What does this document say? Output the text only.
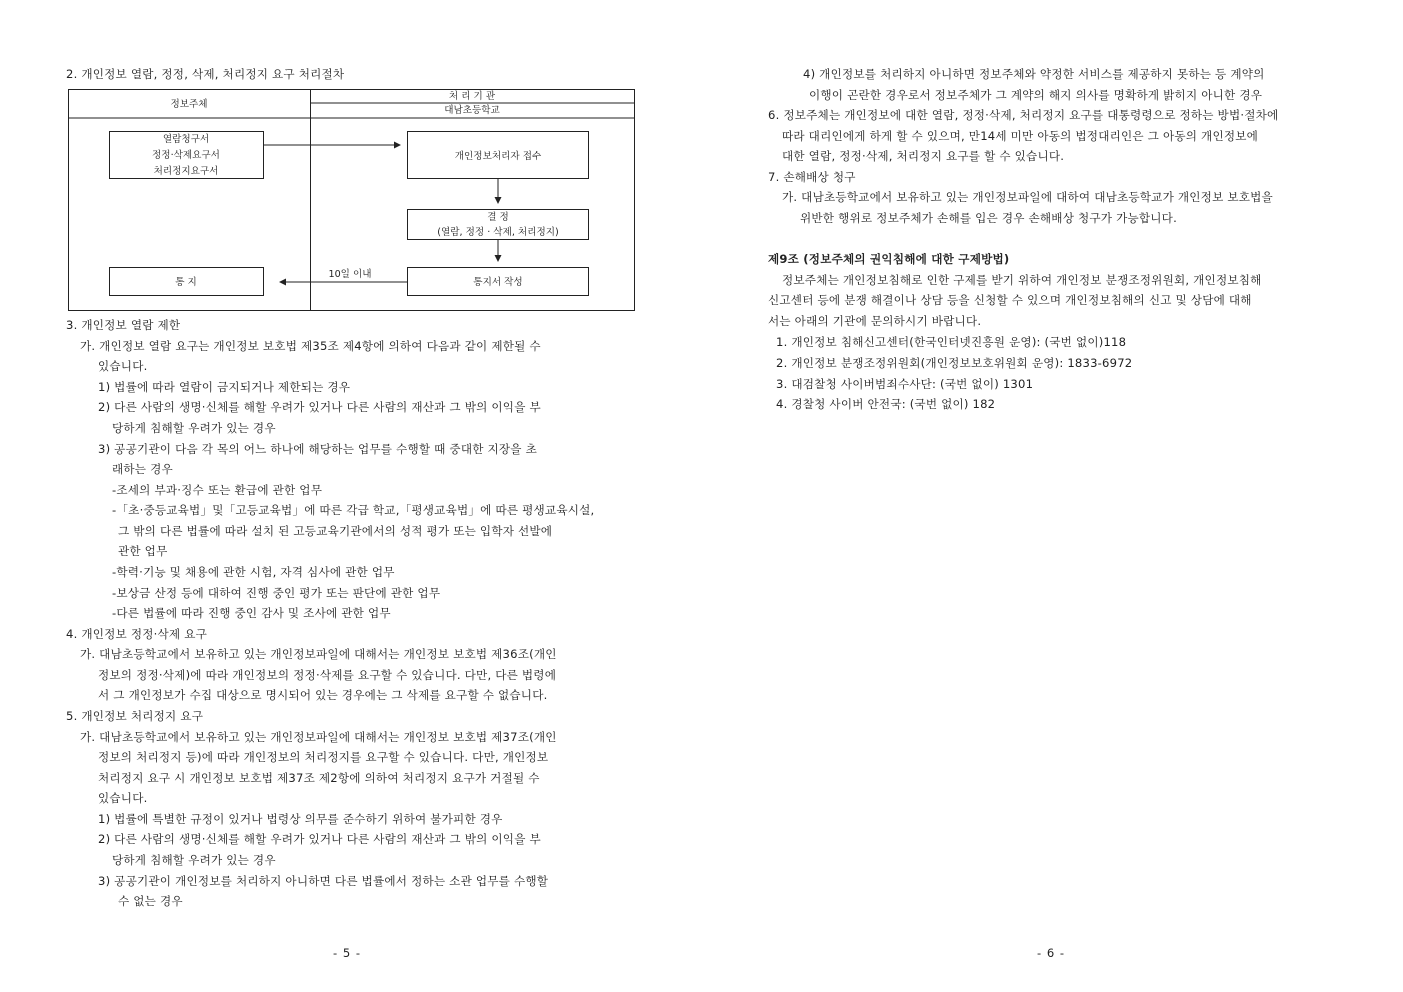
2. 개인정보 열람, 정정, 삭제, 처리정지 요구 처리절차
정보주체
처 리 기 관
대남초등학교
열람청구서
정정·삭제요구서
처리정지요구서
개인정보처리자 접수
결 정
(열람, 정정 · 삭제, 처리정지)
통지서 작성
통 지
10일 이내
3. 개인정보 열람 제한
가. 개인정보 열람 요구는 개인정보 보호법 제35조 제4항에 의하여 다음과 같이 제한될 수
있습니다.
1) 법률에 따라 열람이 금지되거나 제한되는 경우
2) 다른 사람의 생명·신체를 해할 우려가 있거나 다른 사람의 재산과 그 밖의 이익을 부
당하게 침해할 우려가 있는 경우
3) 공공기관이 다음 각 목의 어느 하나에 해당하는 업무를 수행할 때 중대한 지장을 초
래하는 경우
-조세의 부과·징수 또는 환급에 관한 업무
-「초·중등교육법」및「고등교육법」에 따른 각급 학교,「평생교육법」에 따른 평생교육시설,
그 밖의 다른 법률에 따라 설치 된 고등교육기관에서의 성적 평가 또는 입학자 선발에
관한 업무
-학력·기능 및 채용에 관한 시험, 자격 심사에 관한 업무
-보상금 산정 등에 대하여 진행 중인 평가 또는 판단에 관한 업무
-다른 법률에 따라 진행 중인 감사 및 조사에 관한 업무
4. 개인정보 정정·삭제 요구
가. 대남초등학교에서 보유하고 있는 개인정보파일에 대해서는 개인정보 보호법 제36조(개인
정보의 정정·삭제)에 따라 개인정보의 정정·삭제를 요구할 수 있습니다. 다만, 다른 법령에
서 그 개인정보가 수집 대상으로 명시되어 있는 경우에는 그 삭제를 요구할 수 없습니다.
5. 개인정보 처리정지 요구
가. 대남초등학교에서 보유하고 있는 개인정보파일에 대해서는 개인정보 보호법 제37조(개인
정보의 처리정지 등)에 따라 개인정보의 처리정지를 요구할 수 있습니다. 다만, 개인정보
처리정지 요구 시 개인정보 보호법 제37조 제2항에 의하여 처리정지 요구가 거절될 수
있습니다.
1) 법률에 특별한 규정이 있거나 법령상 의무를 준수하기 위하여 불가피한 경우
2) 다른 사람의 생명·신체를 해할 우려가 있거나 다른 사람의 재산과 그 밖의 이익을 부
당하게 침해할 우려가 있는 경우
3) 공공기관이 개인정보를 처리하지 아니하면 다른 법률에서 정하는 소관 업무를 수행할
수 없는 경우
- 5 -
4) 개인정보를 처리하지 아니하면 정보주체와 약정한 서비스를 제공하지 못하는 등 계약의
이행이 곤란한 경우로서 정보주체가 그 계약의 해지 의사를 명확하게 밝히지 아니한 경우
6. 정보주체는 개인정보에 대한 열람, 정정·삭제, 처리정지 요구를 대통령령으로 정하는 방법·절차에
따라 대리인에게 하게 할 수 있으며, 만14세 미만 아동의 법정대리인은 그 아동의 개인정보에
대한 열람, 정정·삭제, 처리정지 요구를 할 수 있습니다.
7. 손해배상 청구
가. 대남초등학교에서 보유하고 있는 개인정보파일에 대하여 대남초등학교가 개인정보 보호법을
위반한 행위로 정보주체가 손해를 입은 경우 손해배상 청구가 가능합니다.
제9조 (정보주체의 권익침해에 대한 구제방법)
정보주체는 개인정보침해로 인한 구제를 받기 위하여 개인정보 분쟁조정위원회, 개인정보침해
신고센터 등에 분쟁 해결이나 상담 등을 신청할 수 있으며 개인정보침해의 신고 및 상담에 대해
서는 아래의 기관에 문의하시기 바랍니다.
1. 개인정보 침해신고센터(한국인터넷진흥원 운영): (국번 없이)118
2. 개인정보 분쟁조정위원회(개인정보보호위원회 운영): 1833-6972
3. 대검찰청 사이버범죄수사단: (국번 없이) 1301
4. 경찰청 사이버 안전국: (국번 없이) 182
- 6 -
